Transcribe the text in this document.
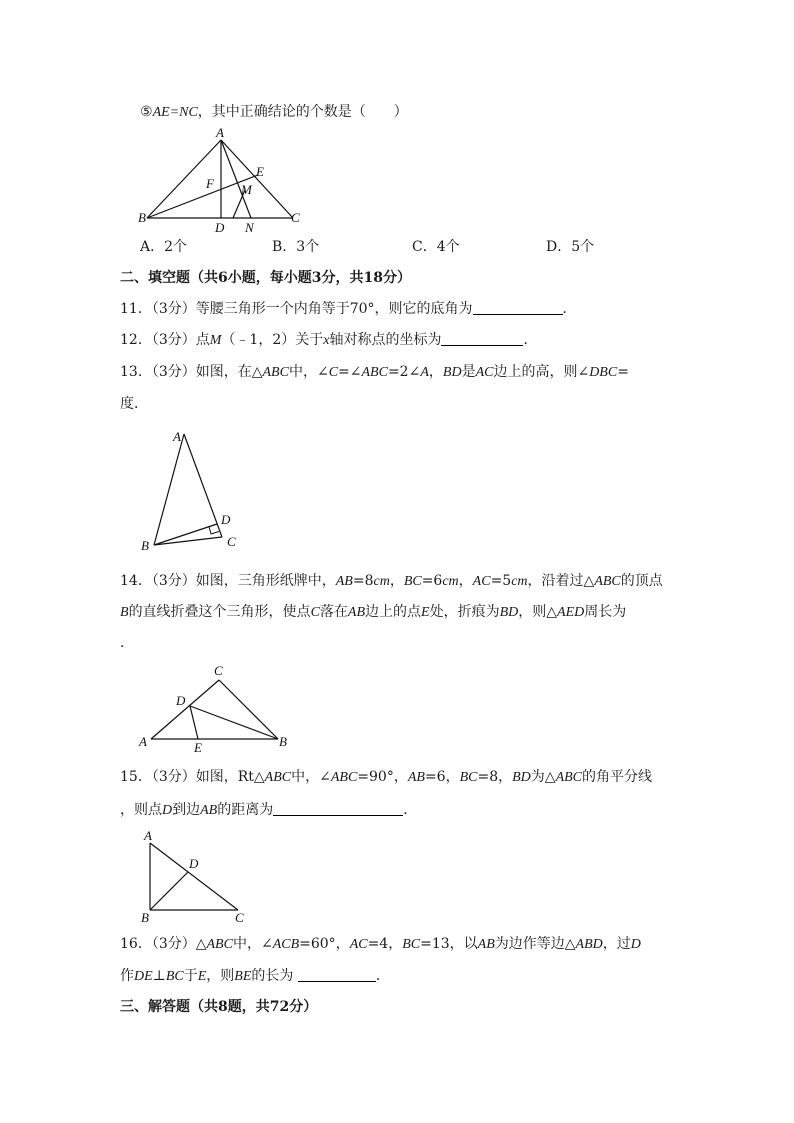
⑤AE=NC，其中正确结论的个数是（　　）
A
B	C
D
E
F M
N
A．2个	B．3个	C．4个	D．5个
二、填空题（共6小题，每小题3分，共18分）
11．（3分）等腰三角形一个内角等于70°，则它的底角为	．
12．（3分）点M（﹣1，2）关于x轴对称点的坐标为	．
13．（3分）如图，在△ABC中，∠C=∠ABC=2∠A，BD是AC边上的高，则∠DBC=
度．
A
D
B	C
14．（3分）如图，三角形纸牌中，AB=8cm，BC=6cm，AC=5cm，沿着过△ABC的顶点
B的直线折叠这个三角形，使点C落在AB边上的点E处，折痕为BD，则△AED周长为
．
C
D
A	E	B
15．（3分）如图，Rt△ABC中，∠ABC=90°，AB=6，BC=8，BD为△ABC的角平分线
，则点D到边AB的距离为	．
A
D
B	C
16．（3分）△ABC中，∠ACB=60°，AC=4，BC=13，以AB为边作等边△ABD，过D
作DE⊥BC于E，则BE的长为	．
三、解答题（共8题，共72分）
